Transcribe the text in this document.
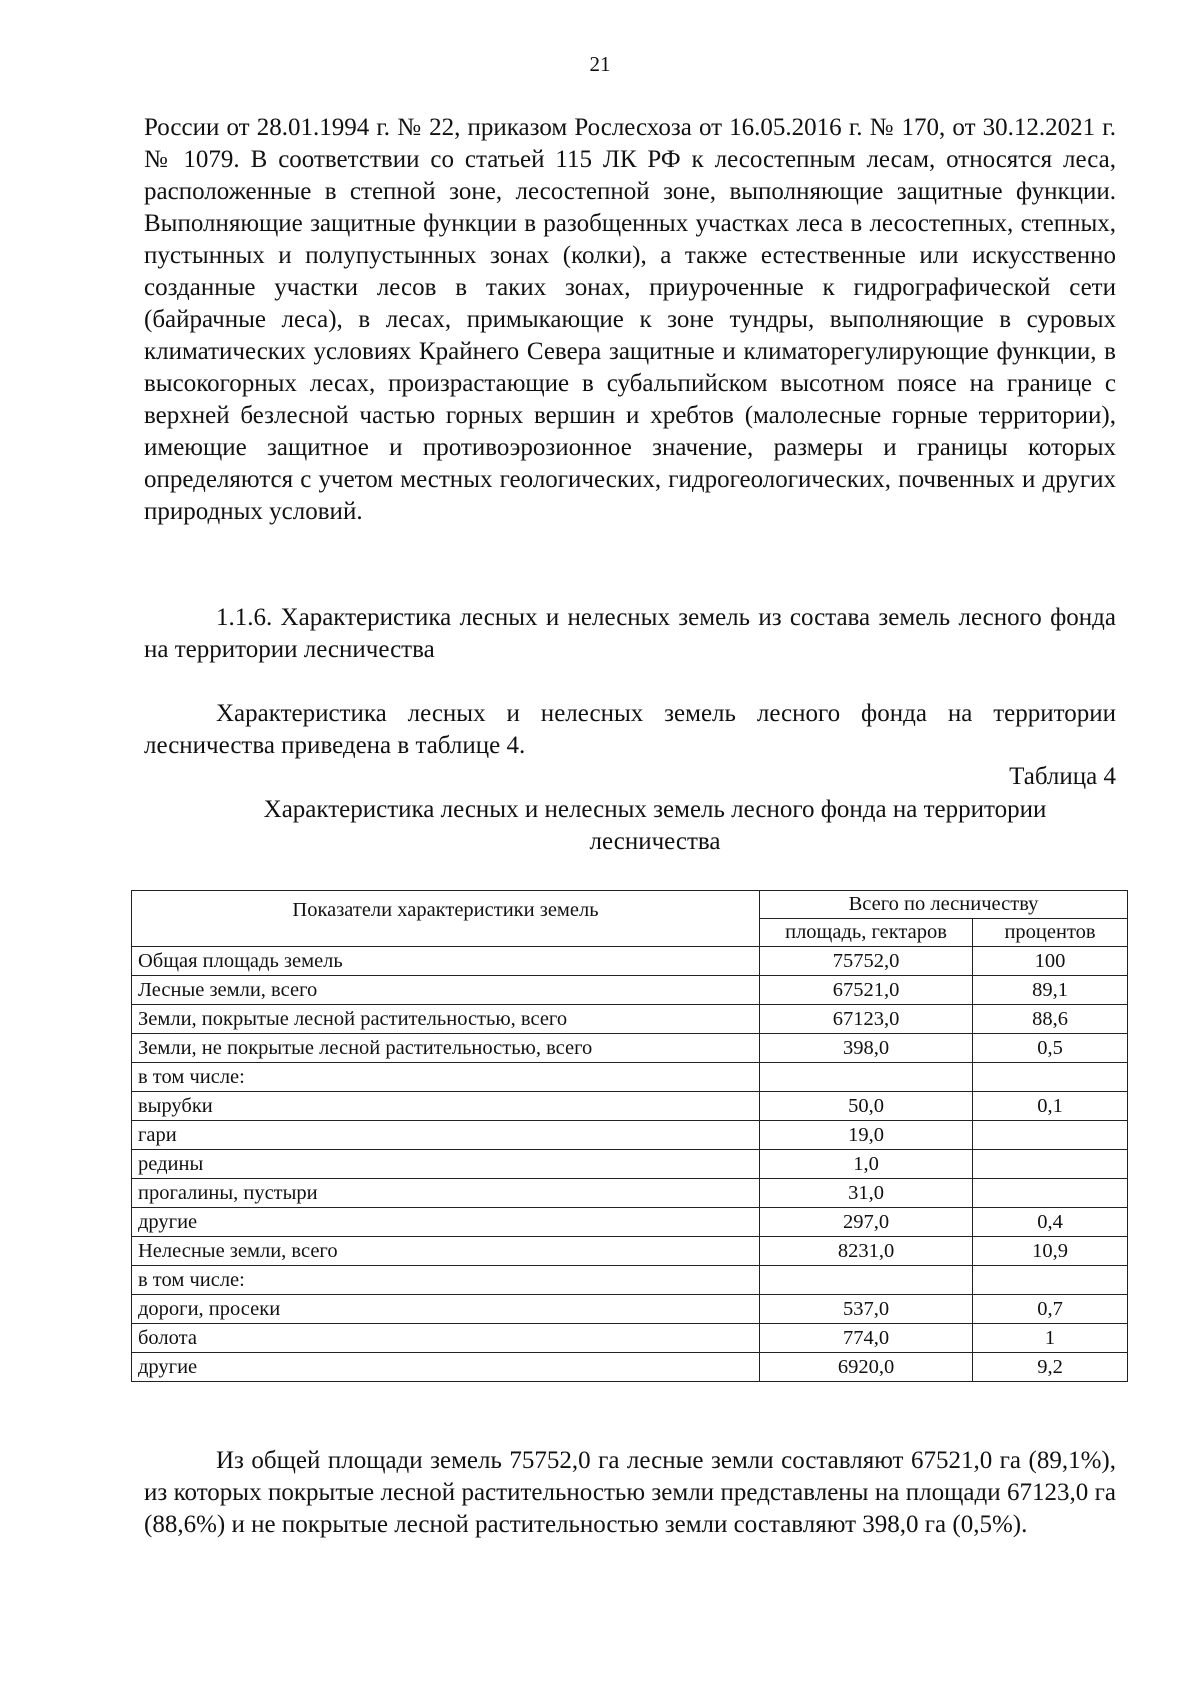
21

России от 28.01.1994 г. № 22, приказом Рослесхоза от 16.05.2016 г. № 170, от 30.12.2021 г. № 1079. В соответствии со статьей 115 ЛК РФ к лесостепным лесам, относятся леса, расположенные в степной зоне, лесостепной зоне, выполняющие защитные функции. Выполняющие защитные функции в разобщенных участках леса в лесостепных, степных, пустынных и полупустынных зонах (колки), а также естественные или искусственно созданные участки лесов в таких зонах, приуроченные к гидрографической сети (байрачные леса), в лесах, примыкающие к зоне тундры, выполняющие в суровых климатических условиях Крайнего Севера защитные и климаторегулирующие функции, в высокогорных лесах, произрастающие в субальпийском высотном поясе на границе с верхней безлесной частью горных вершин и хребтов (малолесные горные территории), имеющие защитное и противоэрозионное значение, размеры и границы которых определяются с учетом местных геологических, гидрогеологических, почвенных и других природных условий.

1.1.6. Характеристика лесных и нелесных земель из состава земель лесного фонда на территории лесничества

Характеристика лесных и нелесных земель лесного фонда на территории лесничества приведена в таблице 4.

Таблица 4
Характеристика лесных и нелесных земель лесного фонда на территории лесничества
Показатели характеристики земель	Всего по лесничеству	
	площадь, гектаров	процентов
Общая площадь земель	75752,0	100
Лесные земли, всего	67521,0	89,1
Земли, покрытые лесной растительностью, всего	67123,0	88,6
Земли, не покрытые лесной растительностью, всего	398,0	0,5
в том числе:		
вырубки	50,0	0,1
гари	19,0	
редины	1,0	
прогалины, пустыри	31,0	
другие	297,0	0,4
Нелесные земли, всего	8231,0	10,9
в том числе:		
дороги, просеки	537,0	0,7
болота	774,0	1
другие	6920,0	9,2

Из общей площади земель 75752,0 га лесные земли составляют 67521,0 га (89,1%), из которых покрытые лесной растительностью земли представлены на площади 67123,0 га (88,6%) и не покрытые лесной растительностью земли составляют 398,0 га (0,5%).
